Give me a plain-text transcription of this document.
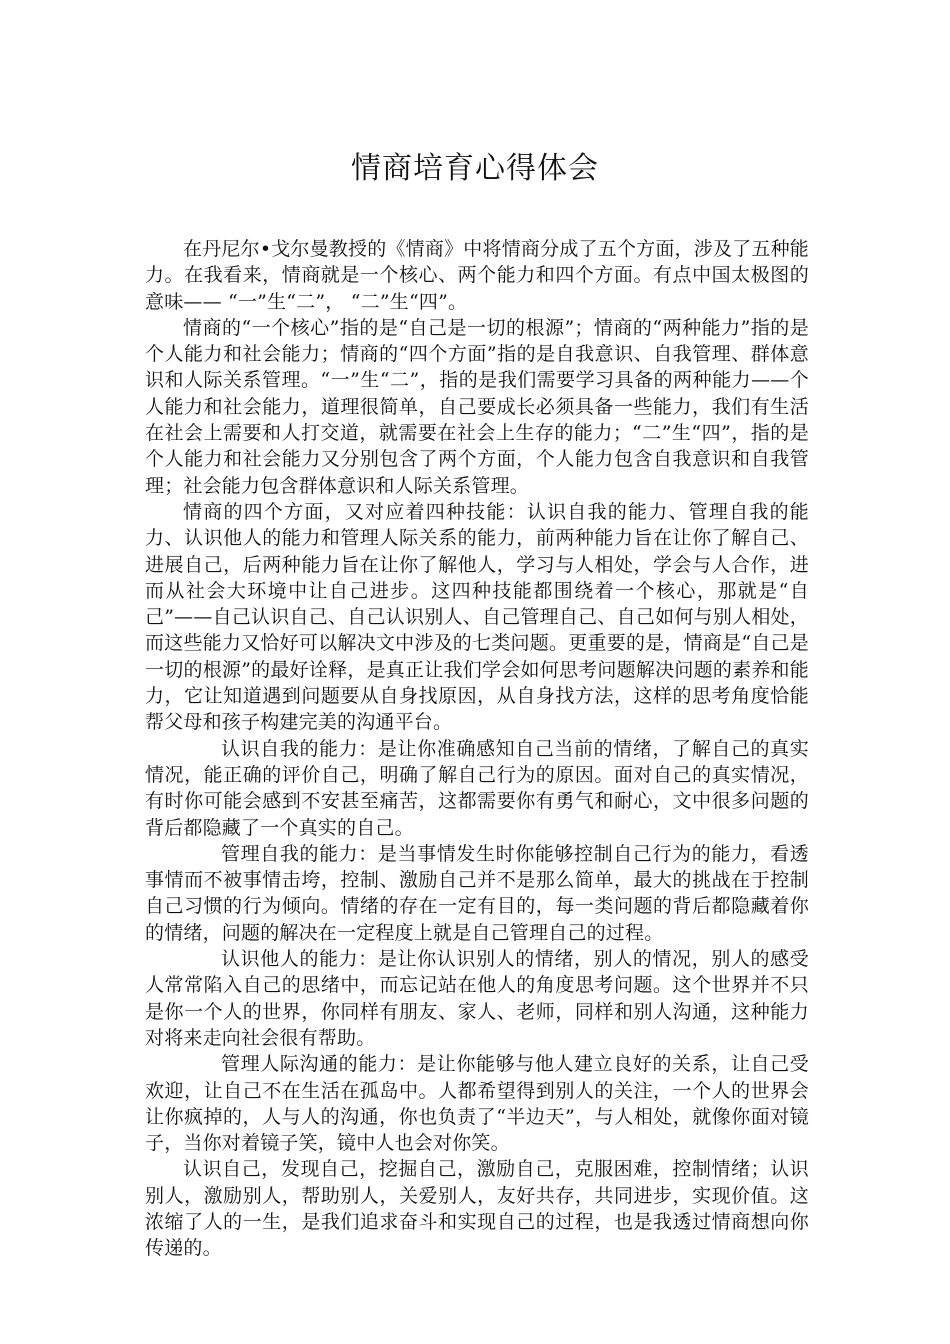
情商培育心得体会

在丹尼尔•戈尔曼教授的《情商》中将情商分成了五个方面，涉及了五种能力。在我看来，情商就是一个核心、两个能力和四个方面。有点中国太极图的意味—— “一”生“二”， “二”生“四”。

情商的“一个核心”指的是“自己是一切的根源”；情商的“两种能力”指的是个人能力和社会能力；情商的“四个方面”指的是自我意识、自我管理、群体意识和人际关系管理。“一”生“二”，指的是我们需要学习具备的两种能力——个人能力和社会能力，道理很简单，自己要成长必须具备一些能力，我们有生活在社会上需要和人打交道，就需要在社会上生存的能力；“二”生“四”，指的是个人能力和社会能力又分别包含了两个方面，个人能力包含自我意识和自我管理；社会能力包含群体意识和人际关系管理。

情商的四个方面，又对应着四种技能：认识自我的能力、管理自我的能力、认识他人的能力和管理人际关系的能力，前两种能力旨在让你了解自己、进展自己，后两种能力旨在让你了解他人，学习与人相处，学会与人合作，进而从社会大环境中让自己进步。这四种技能都围绕着一个核心，那就是“自己”——自己认识自己、自己认识别人、自己管理自己、自己如何与别人相处，而这些能力又恰好可以解决文中涉及的七类问题。更重要的是，情商是“自己是一切的根源”的最好诠释，是真正让我们学会如何思考问题解决问题的素养和能力，它让知道遇到问题要从自身找原因，从自身找方法，这样的思考角度恰能帮父母和孩子构建完美的沟通平台。

认识自我的能力：是让你准确感知自己当前的情绪，了解自己的真实情况，能正确的评价自己，明确了解自己行为的原因。面对自己的真实情况，有时你可能会感到不安甚至痛苦，这都需要你有勇气和耐心，文中很多问题的背后都隐藏了一个真实的自己。

管理自我的能力：是当事情发生时你能够控制自己行为的能力，看透事情而不被事情击垮，控制、激励自己并不是那么简单，最大的挑战在于控制自己习惯的行为倾向。情绪的存在一定有目的，每一类问题的背后都隐藏着你的情绪，问题的解决在一定程度上就是自己管理自己的过程。

认识他人的能力：是让你认识别人的情绪，别人的情况，别人的感受人常常陷入自己的思绪中，而忘记站在他人的角度思考问题。这个世界并不只是你一个人的世界，你同样有朋友、家人、老师，同样和别人沟通，这种能力对将来走向社会很有帮助。

管理人际沟通的能力：是让你能够与他人建立良好的关系，让自己受欢迎，让自己不在生活在孤岛中。人都希望得到别人的关注，一个人的世界会让你疯掉的，人与人的沟通，你也负责了“半边天”，与人相处，就像你面对镜子，当你对着镜子笑，镜中人也会对你笑。

认识自己，发现自己，挖掘自己，激励自己，克服困难，控制情绪；认识别人，激励别人，帮助别人，关爱别人，友好共存，共同进步，实现价值。这浓缩了人的一生，是我们追求奋斗和实现自己的过程，也是我透过情商想向你传递的。
